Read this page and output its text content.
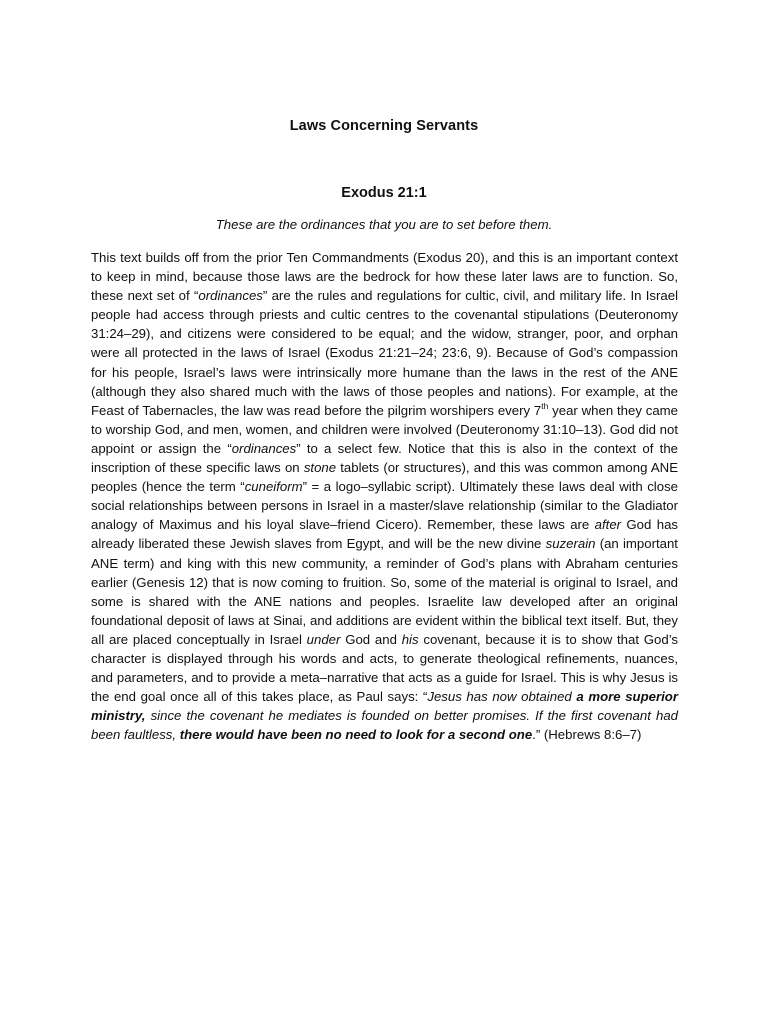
Laws Concerning Servants
Exodus 21:1
These are the ordinances that you are to set before them.

This text builds off from the prior Ten Commandments (Exodus 20), and this is an important context to keep in mind, because those laws are the bedrock for how these later laws are to function. So, these next set of “ordinances” are the rules and regulations for cultic, civil, and military life. In Israel people had access through priests and cultic centres to the covenantal stipulations (Deuteronomy 31:24–29), and citizens were considered to be equal; and the widow, stranger, poor, and orphan were all protected in the laws of Israel (Exodus 21:21–24; 23:6, 9). Because of God’s compassion for his people, Israel’s laws were intrinsically more humane than the laws in the rest of the ANE (although they also shared much with the laws of those peoples and nations). For example, at the Feast of Tabernacles, the law was read before the pilgrim worshipers every 7th year when they came to worship God, and men, women, and children were involved (Deuteronomy 31:10–13). God did not appoint or assign the “ordinances” to a select few. Notice that this is also in the context of the inscription of these specific laws on stone tablets (or structures), and this was common among ANE peoples (hence the term “cuneiform” = a logo–syllabic script). Ultimately these laws deal with close social relationships between persons in Israel in a master/slave relationship (similar to the Gladiator analogy of Maximus and his loyal slave–friend Cicero). Remember, these laws are after God has already liberated these Jewish slaves from Egypt, and will be the new divine suzerain (an important ANE term) and king with this new community, a reminder of God’s plans with Abraham centuries earlier (Genesis 12) that is now coming to fruition. So, some of the material is original to Israel, and some is shared with the ANE nations and peoples. Israelite law developed after an original foundational deposit of laws at Sinai, and additions are evident within the biblical text itself. But, they all are placed conceptually in Israel under God and his covenant, because it is to show that God’s character is displayed through his words and acts, to generate theological refinements, nuances, and parameters, and to provide a meta–narrative that acts as a guide for Israel. This is why Jesus is the end goal once all of this takes place, as Paul says: “Jesus has now obtained a more superior ministry, since the covenant he mediates is founded on better promises. If the first covenant had been faultless, there would have been no need to look for a second one.” (Hebrews 8:6–7)
